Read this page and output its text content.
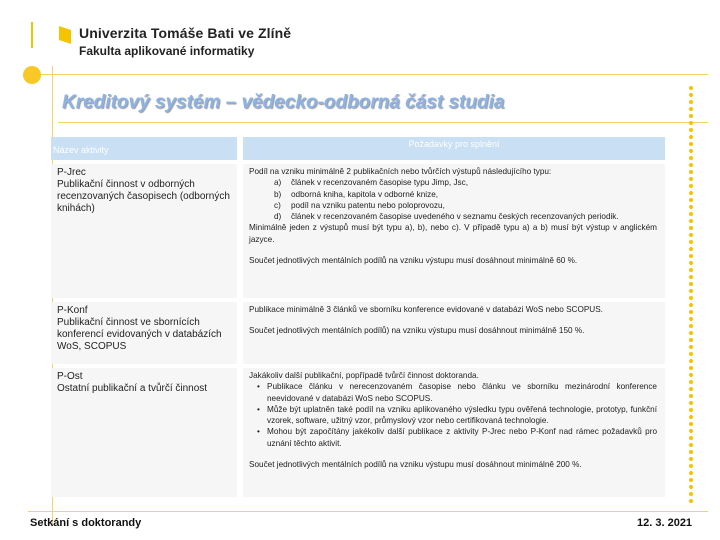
Univerzita Tomáše Bati ve Zlíně
Fakulta aplikované informatiky
Kreditový systém – vědecko-odborná část studia
Název aktivity
Požadavky pro splnění
P-Jrec
Publikační činnost v odborných recenzovaných časopisech (odborných knihách)
Podíl na vzniku minimálně 2 publikačních nebo tvůrčích výstupů následujícího typu:
a) článek v recenzovaném časopise typu Jimp, Jsc,
b) odborná kniha, kapitola v odborné knize,
c) podíl na vzniku patentu nebo poloprovozu,
d) článek v recenzovaném časopise uvedeného v seznamu českých recenzovaných periodik.
Minimálně jeden z výstupů musí být typu a), b), nebo c). V případě typu a) a b) musí být výstup v anglickém jazyce.
Součet jednotlivých mentálních podílů na vzniku výstupu musí dosáhnout minimálně 60 %.
P-Konf
Publikační činnost ve sbornících konferencí evidovaných v databázích WoS, SCOPUS
Publikace minimálně 3 článků ve sborníku konference evidované v databázi WoS nebo SCOPUS.
Součet jednotlivých mentálních podílů) na vzniku výstupu musí dosáhnout minimálně 150 %.
P-Ost
Ostatní publikační a tvůrčí činnost
Jakákoliv další publikační, popřípadě tvůrčí činnost doktoranda.
• Publikace článku v nerecenzovaném časopise nebo článku ve sborníku mezinárodní konference neevidované v databázi WoS nebo SCOPUS.
• Může být uplatněn také podíl na vzniku aplikovaného výsledku typu ověřená technologie, prototyp, funkční vzorek, software, užitný vzor, průmyslový vzor nebo certifikovaná technologie.
• Mohou být započítány jakékoliv další publikace z aktivity P-Jrec nebo P-Konf nad rámec požadavků pro uznání těchto aktivit.
Součet jednotlivých mentálních podílů na vzniku výstupu musí dosáhnout minimálně 200 %.
Setkání s doktorandy	12. 3. 2021
